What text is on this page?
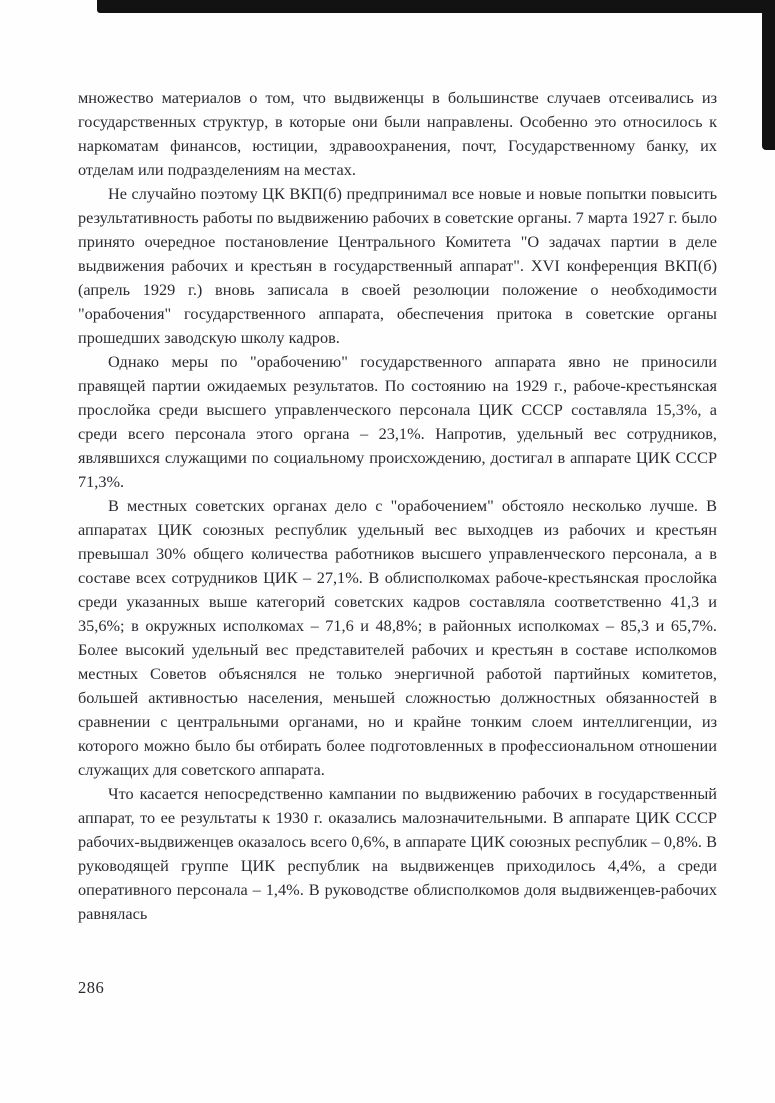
множество материалов о том, что выдвиженцы в большинстве случаев отсеивались из государственных структур, в которые они были направлены. Особенно это относилось к наркоматам финансов, юстиции, здравоохранения, почт, Государственному банку, их отделам или подразделениям на местах.

Не случайно поэтому ЦК ВКП(б) предпринимал все новые и новые попытки повысить результативность работы по выдвижению рабочих в советские органы. 7 марта 1927 г. было принято очередное постановление Центрального Комитета "О задачах партии в деле выдвижения рабочих и крестьян в государственный аппарат". XVI конференция ВКП(б) (апрель 1929 г.) вновь записала в своей резолюции положение о необходимости "орабочения" государственного аппарата, обеспечения притока в советские органы прошедших заводскую школу кадров.

Однако меры по "орабочению" государственного аппарата явно не приносили правящей партии ожидаемых результатов. По состоянию на 1929 г., рабоче-крестьянская прослойка среди высшего управленческого персонала ЦИК СССР составляла 15,3%, а среди всего персонала этого органа – 23,1%. Напротив, удельный вес сотрудников, являвшихся служащими по социальному происхождению, достигал в аппарате ЦИК СССР 71,3%.

В местных советских органах дело с "орабочением" обстояло несколько лучше. В аппаратах ЦИК союзных республик удельный вес выходцев из рабочих и крестьян превышал 30% общего количества работников высшего управленческого персонала, а в составе всех сотрудников ЦИК – 27,1%. В облисполкомах рабоче-крестьянская прослойка среди указанных выше категорий советских кадров составляла соответственно 41,3 и 35,6%; в окружных исполкомах – 71,6 и 48,8%; в районных исполкомах – 85,3 и 65,7%. Более высокий удельный вес представителей рабочих и крестьян в составе исполкомов местных Советов объяснялся не только энергичной работой партийных комитетов, большей активностью населения, меньшей сложностью должностных обязанностей в сравнении с центральными органами, но и крайне тонким слоем интеллигенции, из которого можно было бы отбирать более подготовленных в профессиональном отношении служащих для советского аппарата.

Что касается непосредственно кампании по выдвижению рабочих в государственный аппарат, то ее результаты к 1930 г. оказались малозначительными. В аппарате ЦИК СССР рабочих-выдвиженцев оказалось всего 0,6%, в аппарате ЦИК союзных республик – 0,8%. В руководящей группе ЦИК республик на выдвиженцев приходилось 4,4%, а среди оперативного персонала – 1,4%. В руководстве облисполкомов доля выдвиженцев-рабочих равнялась

286
